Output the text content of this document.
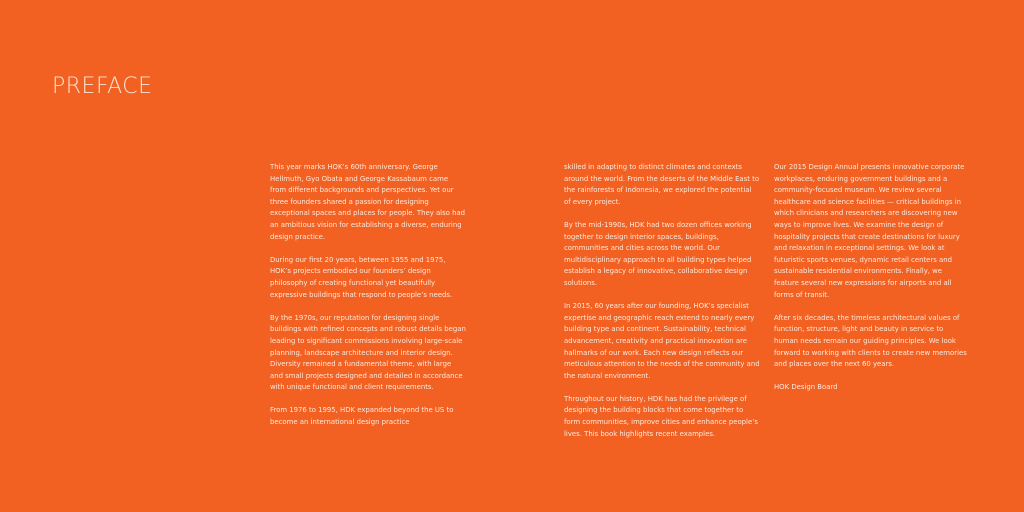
PREFACE

This year marks HOK’s 60th anniversary. George Hellmuth, Gyo Obata and George Kassabaum came from different backgrounds and perspectives. Yet our three founders shared a passion for designing exceptional spaces and places for people. They also had an ambitious vision for establishing a diverse, enduring design practice.

During our first 20 years, between 1955 and 1975, HOK’s projects embodied our founders’ design philosophy of creating functional yet beautifully expressive buildings that respond to people’s needs.

By the 1970s, our reputation for designing single buildings with refined concepts and robust details began leading to significant commissions involving large-scale planning, landscape architecture and interior design. Diversity remained a fundamental theme, with large and small projects designed and detailed in accordance with unique functional and client requirements.

From 1976 to 1995, HDK expanded beyond the US to become an international design practice

skilled in adapting to distinct climates and contexts around the world. From the deserts of the Middle East to the rainforests of Indonesia, we explored the potential of every project.

By the mid-1990s, HDK had two dozen offices working together to design interior spaces, buildings, communities and cities across the world. Our multidisciplinary approach to all building types helped establish a legacy of innovative, collaborative design solutions.

In 2015, 60 years after our founding, HOK’s specialist expertise and geographic reach extend to nearly every building type and continent. Sustainability, technical advancement, creativity and practical innovation are hallmarks of our work. Each new design reflects our meticulous attention to the needs of the community and the natural environment.

Throughout our history, HDK has had the privilege of designing the building blocks that come together to form communities, improve cities and enhance people’s lives. This book highlights recent examples.

Our 2015 Design Annual presents innovative corporate workplaces, enduring government buildings and a community-focused museum. We review several healthcare and science facilities — critical buildings in which clinicians and researchers are discovering new ways to improve lives. We examine the design of hospitality projects that create destinations for luxury and relaxation in exceptional settings. We look at futuristic sports venues, dynamic retail centers and sustainable residential environments. Finally, we feature several new expressions for airports and all forms of transit.

After six decades, the timeless architectural values of function, structure, light and beauty in service to human needs remain our guiding principles. We look forward to working with clients to create new memories and places over the next 60 years.

HOK Design Board
